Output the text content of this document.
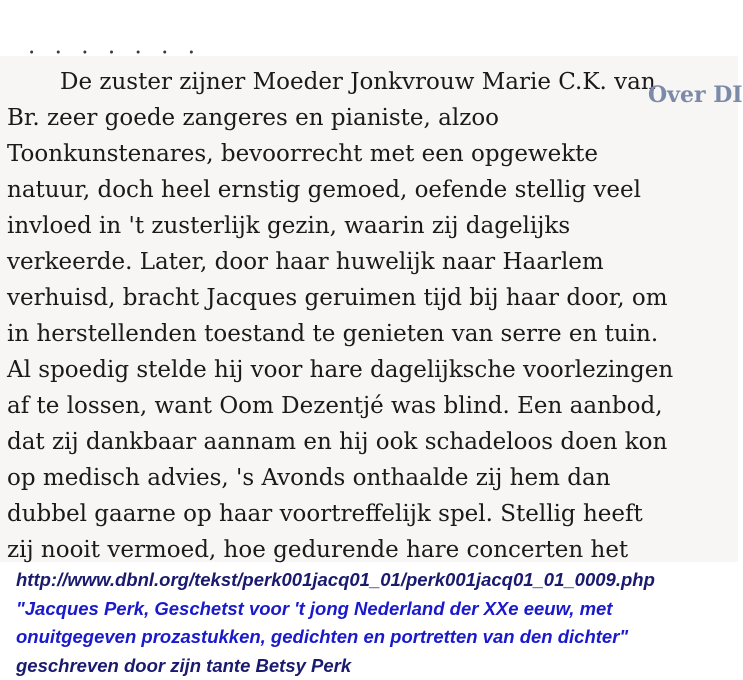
· · · · · · ·
De zuster zijner Moeder Jonkvrouw Marie C.K. van
Br. zeer goede zangeres en pianiste, alzoo
Toonkunstenares, bevoorrecht met een opgewekte
natuur, doch heel ernstig gemoed, oefende stellig veel
invloed in 't zusterlijk gezin, waarin zij dagelijks
verkeerde. Later, door haar huwelijk naar Haarlem
verhuisd, bracht Jacques geruimen tijd bij haar door, om
in herstellenden toestand te genieten van serre en tuin.
Al spoedig stelde hij voor hare dagelijksche voorlezingen
af te lossen, want Oom Dezentjé was blind. Een aanbod,
dat zij dankbaar aannam en hij ook schadeloos doen kon
op medisch advies, 's Avonds onthaalde zij hem dan
dubbel gaarne op haar voortreffelijk spel. Stellig heeft
zij nooit vermoed, hoe gedurende hare concerten het
Over DI
http://www.dbnl.org/tekst/perk001jacq01_01/perk001jacq01_01_0009.php
"Jacques Perk, Geschetst voor 't jong Nederland der XXe eeuw, met
onuitgegeven prozastukken, gedichten en portretten van den dichter"
geschreven door zijn tante Betsy Perk
